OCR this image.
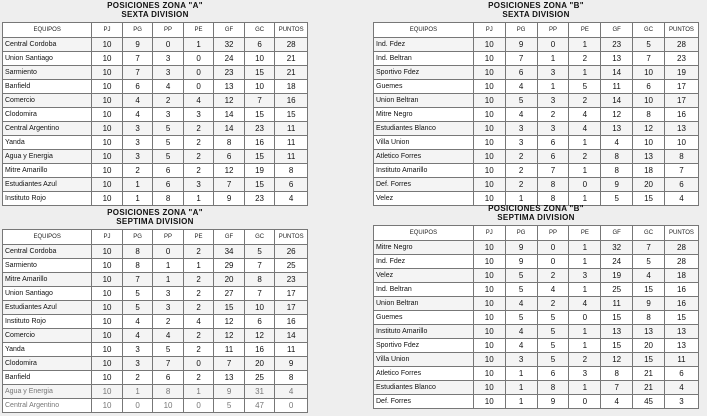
POSICIONES ZONA "A"
SEXTA DIVISION
EQUIPOS	PJ	PG	PP	PE	GF	GC	PUNTOS
Central Cordoba	10	9	0	1	32	6	28
Union Santiago	10	7	3	0	24	10	21
Sarmiento	10	7	3	0	23	15	21
Banfield	10	6	4	0	13	10	18
Comercio	10	4	2	4	12	7	16
Clodomira	10	4	3	3	14	15	15
Central Argentino	10	3	5	2	14	23	11
Yanda	10	3	5	2	8	16	11
Agua y Energia	10	3	5	2	6	15	11
Mitre Amarillo	10	2	6	2	12	19	8
Estudiantes Azul	10	1	6	3	7	15	6
Instituto Rojo	10	1	8	1	9	23	4
POSICIONES ZONA "B"
SEXTA DIVISION
EQUIPOS	PJ	PG	PP	PE	GF	GC	PUNTOS
Ind. Fdez	10	9	0	1	23	5	28
Ind. Beltran	10	7	1	2	13	7	23
Sportivo Fdez	10	6	3	1	14	10	19
Guemes	10	4	1	5	11	6	17
Union Beltran	10	5	3	2	14	10	17
Mitre Negro	10	4	2	4	12	8	16
Estudiantes Blanco	10	3	3	4	13	12	13
Villa Union	10	3	6	1	4	10	10
Atletico Forres	10	2	6	2	8	13	8
Instituto Amarillo	10	2	7	1	8	18	7
Def. Forres	10	2	8	0	9	20	6
Velez	10	1	8	1	5	15	4
POSICIONES ZONA "A"
SEPTIMA DIVISION
EQUIPOS	PJ	PG	PP	PE	GF	GC	PUNTOS
Central Cordoba	10	8	0	2	34	5	26
Sarmiento	10	8	1	1	29	7	25
Mitre Amarillo	10	7	1	2	20	8	23
Union Santiago	10	5	3	2	27	7	17
Estudiantes Azul	10	5	3	2	15	10	17
Instituto Rojo	10	4	2	4	12	6	16
Comercio	10	4	4	2	12	12	14
Yanda	10	3	5	2	11	16	11
Clodomira	10	3	7	0	7	20	9
Banfield	10	2	6	2	13	25	8
Agua y Energia	10	1	8	1	9	31	4
Central Argentino	10	0	10	0	5	47	0
POSICIONES ZONA "B"
SEPTIMA DIVISION
EQUIPOS	PJ	PG	PP	PE	GF	GC	PUNTOS
Mitre Negro	10	9	0	1	32	7	28
Ind. Fdez	10	9	0	1	24	5	28
Velez	10	5	2	3	19	4	18
Ind. Beltran	10	5	4	1	25	15	16
Union Beltran	10	4	2	4	11	9	16
Guemes	10	5	5	0	15	8	15
Instituto Amarillo	10	4	5	1	13	13	13
Sportivo Fdez	10	4	5	1	15	20	13
Villa Union	10	3	5	2	12	15	11
Atletico Forres	10	1	6	3	8	21	6
Estudiantes Blanco	10	1	8	1	7	21	4
Def. Forres	10	1	9	0	4	45	3
